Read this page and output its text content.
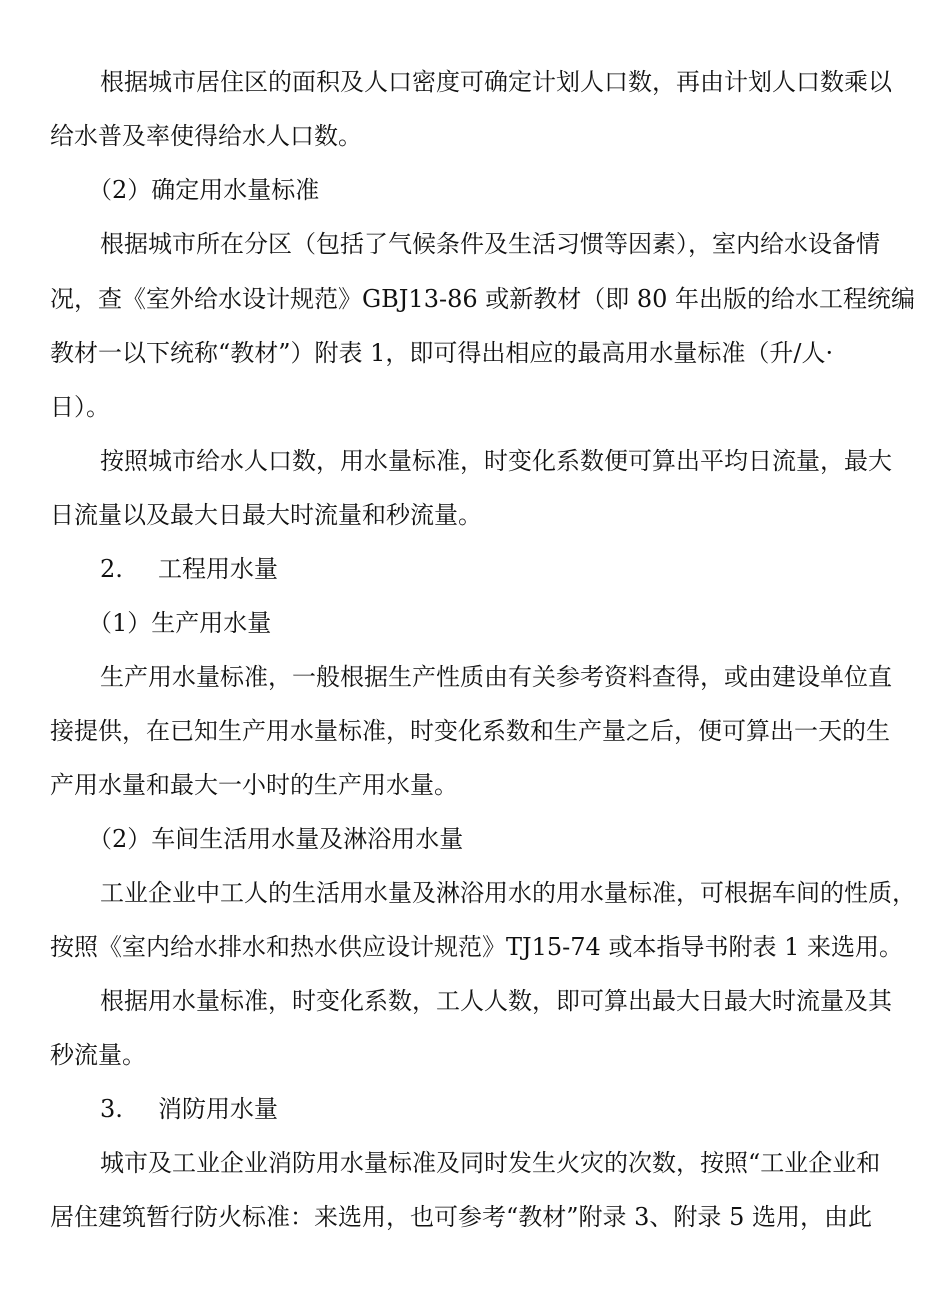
根据城市居住区的面积及人口密度可确定计划人口数，再由计划人口数乘以
给水普及率使得给水人口数。
（2）确定用水量标准
根据城市所在分区（包括了气候条件及生活习惯等因素），室内给水设备情
况，查《室外给水设计规范》GBJ13-86 或新教材（即 80 年出版的给水工程统编
教材一以下统称“教材”）附表 1，即可得出相应的最高用水量标准（升/人·
日）。
按照城市给水人口数，用水量标准，时变化系数便可算出平均日流量，最大
日流量以及最大日最大时流量和秒流量。
2. 工程用水量
（1）生产用水量
生产用水量标准，一般根据生产性质由有关参考资料查得，或由建设单位直
接提供，在已知生产用水量标准，时变化系数和生产量之后，便可算出一天的生
产用水量和最大一小时的生产用水量。
（2）车间生活用水量及淋浴用水量
工业企业中工人的生活用水量及淋浴用水的用水量标准，可根据车间的性质，
按照《室内给水排水和热水供应设计规范》TJ15-74 或本指导书附表 1 来选用。
根据用水量标准，时变化系数，工人人数，即可算出最大日最大时流量及其
秒流量。
3. 消防用水量
城市及工业企业消防用水量标准及同时发生火灾的次数，按照“工业企业和
居住建筑暂行防火标准：来选用，也可参考“教材”附录 3、附录 5 选用，由此
